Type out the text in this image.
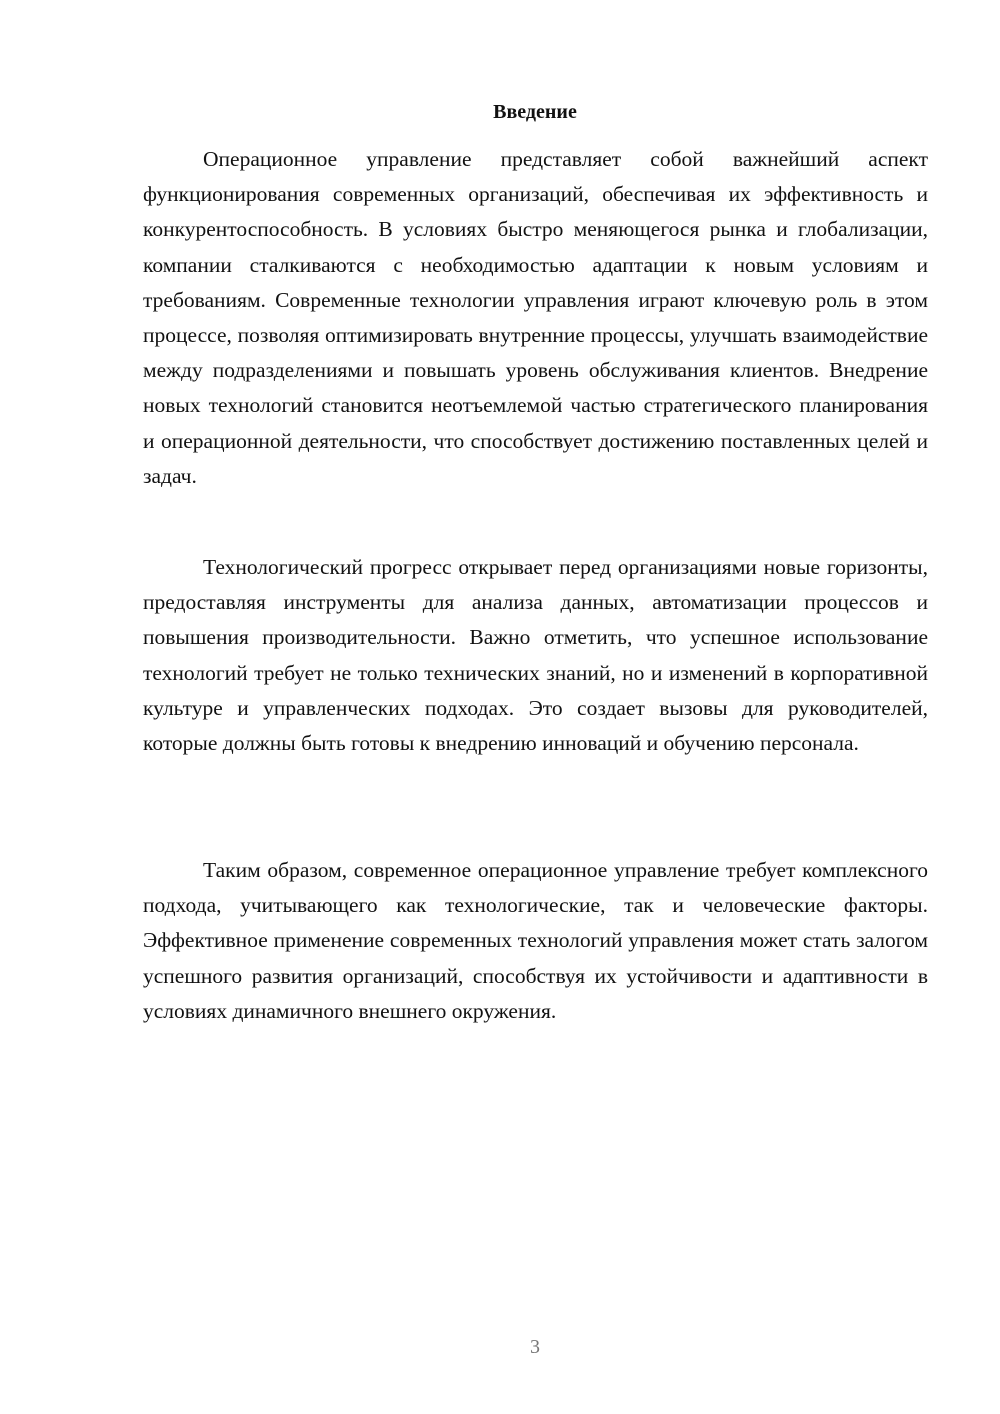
Введение

Операционное управление представляет собой важнейший аспект функционирования современных организаций, обеспечивая их эффективность и конкурентоспособность. В условиях быстро меняющегося рынка и глобализации, компании сталкиваются с необходимостью адаптации к новым условиям и требованиям. Современные технологии управления играют ключевую роль в этом процессе, позволяя оптимизировать внутренние процессы, улучшать взаимодействие между подразделениями и повышать уровень обслуживания клиентов. Внедрение новых технологий становится неотъемлемой частью стратегического планирования и операционной деятельности, что способствует достижению поставленных целей и задач.

Технологический прогресс открывает перед организациями новые горизонты, предоставляя инструменты для анализа данных, автоматизации процессов и повышения производительности. Важно отметить, что успешное использование технологий требует не только технических знаний, но и изменений в корпоративной культуре и управленческих подходах. Это создает вызовы для руководителей, которые должны быть готовы к внедрению инноваций и обучению персонала.

Таким образом, современное операционное управление требует комплексного подхода, учитывающего как технологические, так и человеческие факторы. Эффективное применение современных технологий управления может стать залогом успешного развития организаций, способствуя их устойчивости и адаптивности в условиях динамичного внешнего окружения.

3
